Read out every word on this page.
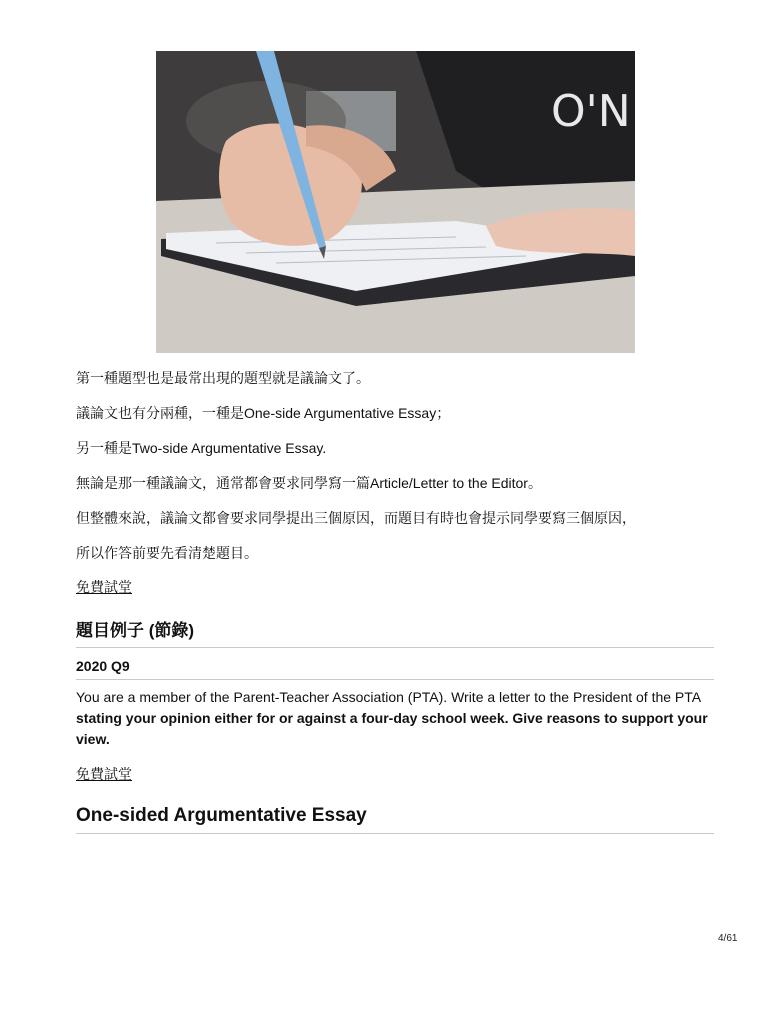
O'N
第一種題型也是最常出現的題型就是議論文了。
議論文也有分兩種，一種是One-side Argumentative Essay；
另一種是Two-side Argumentative Essay.
無論是那一種議論文，通常都會要求同學寫一篇Article/Letter to the Editor。
但整體來說，議論文都會要求同學提出三個原因，而題目有時也會提示同學要寫三個原因，
所以作答前要先看清楚題目。
免費試堂
題目例子 (節錄)
2020 Q9
You are a member of the Parent-Teacher Association (PTA). Write a letter to the President of the PTA stating your opinion either for or against a four-day school week. Give reasons to support your view.
免費試堂
One-sided Argumentative Essay
4/61
